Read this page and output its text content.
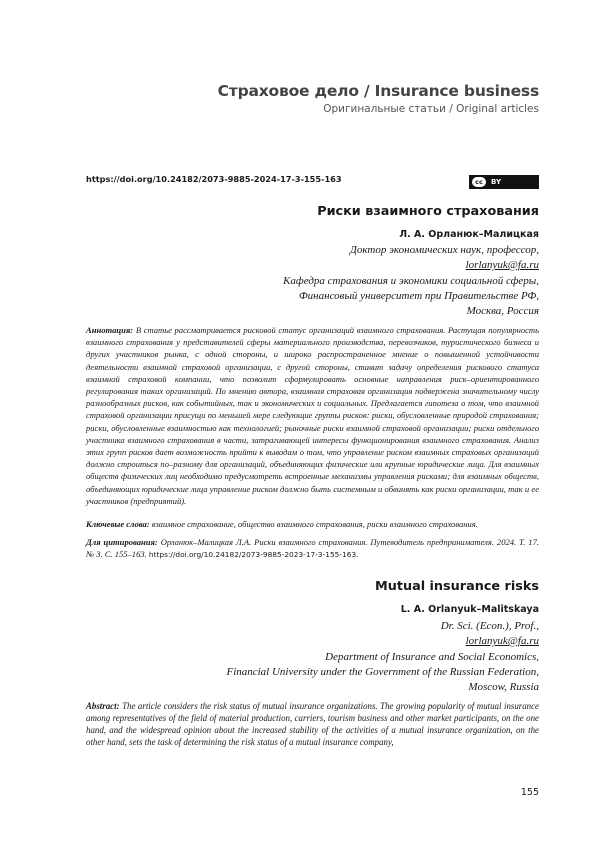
Страховое дело / Insurance business
Оригинальные статьи / Original articles
https://doi.org/10.24182/2073-9885-2024-17-3-155-163	cc	BY
Риски взаимного страхования
Л. А. Орланюк–Малицкая
Доктор экономических наук, профессор,
lorlanyuk@fa.ru
Кафедра страхования и экономики социальной сферы,
Финансовый университет при Правительстве РФ,
Москва, Россия
Аннотация: В статье рассматривается рисковой статус организаций взаимного страхования. Растущая популярность взаимного страхования у представителей сферы материального производства, перевозчиков, туристического бизнеса и других участников рынка, с одной стороны, и широко распространенное мнение о повышенной устойчивости деятельности взаимной страховой организации, с другой стороны, ставит задачу определения рискового статуса взаимной страховой компании, что позволит сформулировать основные направления риск–ориентированного регулирования таких организаций. По мнению автора, взаимная страховая организация подвержена значительному числу разнообразных рисков, как событийных, так и экономических и социальных. Предлагается гипотеза о том, что взаимной страховой организации присущи по меньшей мере следующие группы рисков: риски, обусловленные природой страхования; риски, обусловленные взаимностью как технологией; рыночные риски взаимной страховой организации; риски отдельного участника взаимного страхования в части, затрагивающей интересы функционирования взаимного страхования. Анализ этих групп рисков дает возможность прийти к выводам о том, что управление риском взаимных страховых организаций должно строиться по–разному для организаций, объединяющих физические или крупные юридические лица. Для взаимных обществ физических лиц необходимо предусмотреть встроенные механизмы управления рисками; для взаимных обществ, объединяющих юридические лица управление риском должно быть системным и обвинять как риски организации, так и ее участников (предприятий).
Ключевые слова: взаимное страхование, общество взаимного страхования, риски взаимного страхования.
Для цитирования: Орланюк–Малицкая Л.А. Риски взаимного страхования. Путеводитель предпринимателя. 2024. Т. 17. № 3. С. 155–163. https://doi.org/10.24182/2073-9885-2023-17-3-155-163.
Mutual insurance risks
L. A. Orlanyuk–Malitskaya
Dr. Sci. (Econ.), Prof.,
lorlanyuk@fa.ru
Department of Insurance and Social Economics,
Financial University under the Government of the Russian Federation,
Moscow, Russia
Abstract: The article considers the risk status of mutual insurance organizations. The growing popularity of mutual insurance among representatives of the field of material production, carriers, tourism business and other market participants, on the one hand, and the widespread opinion about the increased stability of the activities of a mutual insurance organization, on the other hand, sets the task of determining the risk status of a mutual insurance company,
155
